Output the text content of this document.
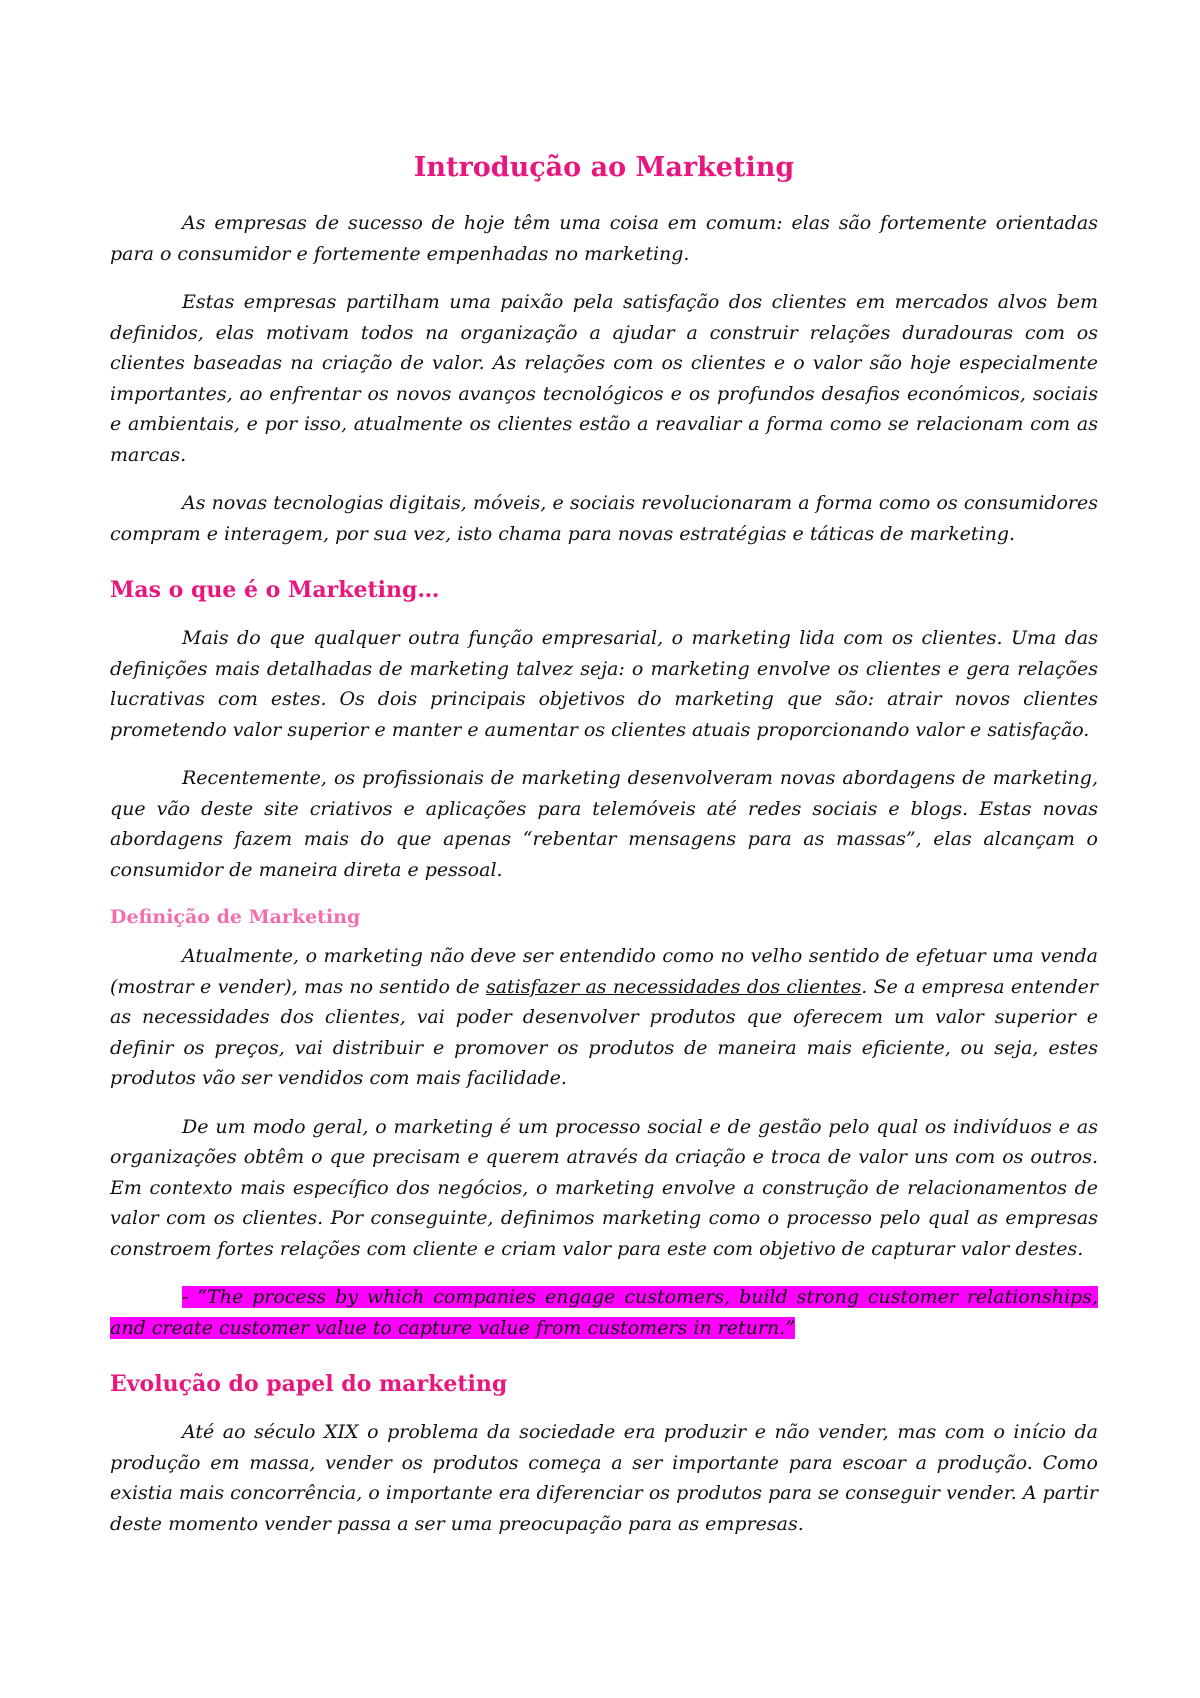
Introdução ao Marketing

As empresas de sucesso de hoje têm uma coisa em comum: elas são fortemente orientadas para o consumidor e fortemente empenhadas no marketing.

Estas empresas partilham uma paixão pela satisfação dos clientes em mercados alvos bem definidos, elas motivam todos na organização a ajudar a construir relações duradouras com os clientes baseadas na criação de valor. As relações com os clientes e o valor são hoje especialmente importantes, ao enfrentar os novos avanços tecnológicos e os profundos desafios económicos, sociais e ambientais, e por isso, atualmente os clientes estão a reavaliar a forma como se relacionam com as marcas.

As novas tecnologias digitais, móveis, e sociais revolucionaram a forma como os consumidores compram e interagem, por sua vez, isto chama para novas estratégias e táticas de marketing.

Mas o que é o Marketing…

Mais do que qualquer outra função empresarial, o marketing lida com os clientes. Uma das definições mais detalhadas de marketing talvez seja: o marketing envolve os clientes e gera relações lucrativas com estes. Os dois principais objetivos do marketing que são: atrair novos clientes prometendo valor superior e manter e aumentar os clientes atuais proporcionando valor e satisfação.

Recentemente, os profissionais de marketing desenvolveram novas abordagens de marketing, que vão deste site criativos e aplicações para telemóveis até redes sociais e blogs. Estas novas abordagens fazem mais do que apenas “rebentar mensagens para as massas”, elas alcançam o consumidor de maneira direta e pessoal.

Definição de Marketing

Atualmente, o marketing não deve ser entendido como no velho sentido de efetuar uma venda (mostrar e vender), mas no sentido de satisfazer as necessidades dos clientes. Se a empresa entender as necessidades dos clientes, vai poder desenvolver produtos que oferecem um valor superior e definir os preços, vai distribuir e promover os produtos de maneira mais eficiente, ou seja, estes produtos vão ser vendidos com mais facilidade.

De um modo geral, o marketing é um processo social e de gestão pelo qual os indivíduos e as organizações obtêm o que precisam e querem através da criação e troca de valor uns com os outros. Em contexto mais específico dos negócios, o marketing envolve a construção de relacionamentos de valor com os clientes. Por conseguinte, definimos marketing como o processo pelo qual as empresas constroem fortes relações com cliente e criam valor para este com objetivo de capturar valor destes.

- “The process by which companies engage customers, build strong customer relationships, and create customer value to capture value from customers in return.”

Evolução do papel do marketing

Até ao século XIX o problema da sociedade era produzir e não vender, mas com o início da produção em massa, vender os produtos começa a ser importante para escoar a produção. Como existia mais concorrência, o importante era diferenciar os produtos para se conseguir vender. A partir deste momento vender passa a ser uma preocupação para as empresas.
